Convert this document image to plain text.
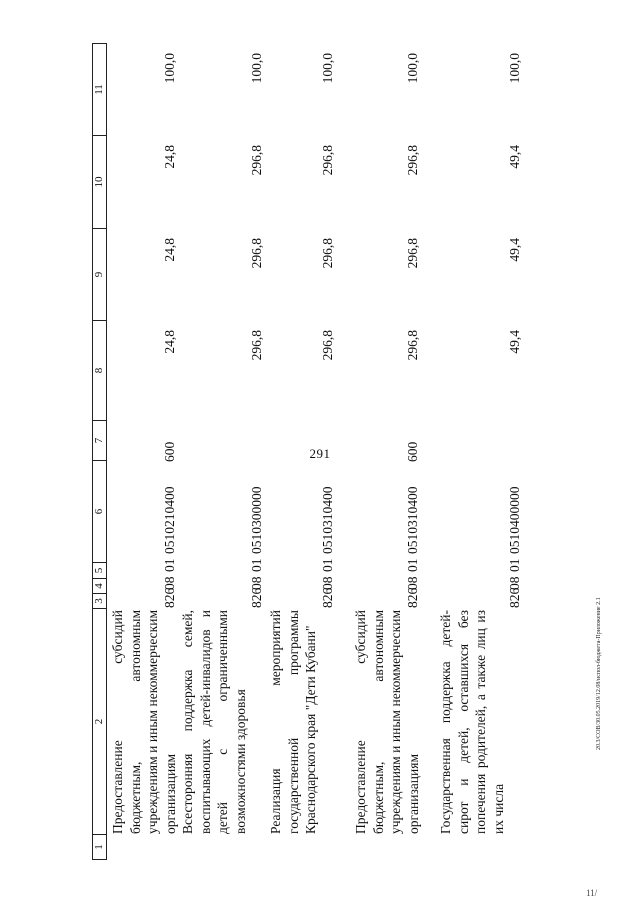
291
20.3/СОВ/30.05.2019/12.08/испол-бюджета-Приложение 2.1
11/
1
2
3
4
5
6
7
8
9
10
11
Предоставление субсидий бюджетным, автономным учреждениям и иным некоммерческим организациям
826
08
01
0510210400
600
24,8
24,8
24,8
100,0
Всесторонняя поддержка семей, воспитывающих детей-инвалидов и детей с ограниченными возможностями здоровья
826
08
01
0510300000
296,8
296,8
296,8
100,0
Реализация мероприятий государственной программы Краснодарского края "Дети Кубани"
826
08
01
0510310400
296,8
296,8
296,8
100,0
Предоставление субсидий бюджетным, автономным учреждениям и иным некоммерческим организациям
826
08
01
0510310400
600
296,8
296,8
296,8
100,0
Государственная поддержка детей-сирот и детей, оставшихся без попечения родителей, а также лиц из их числа
826
08
01
0510400000
49,4
49,4
49,4
100,0
